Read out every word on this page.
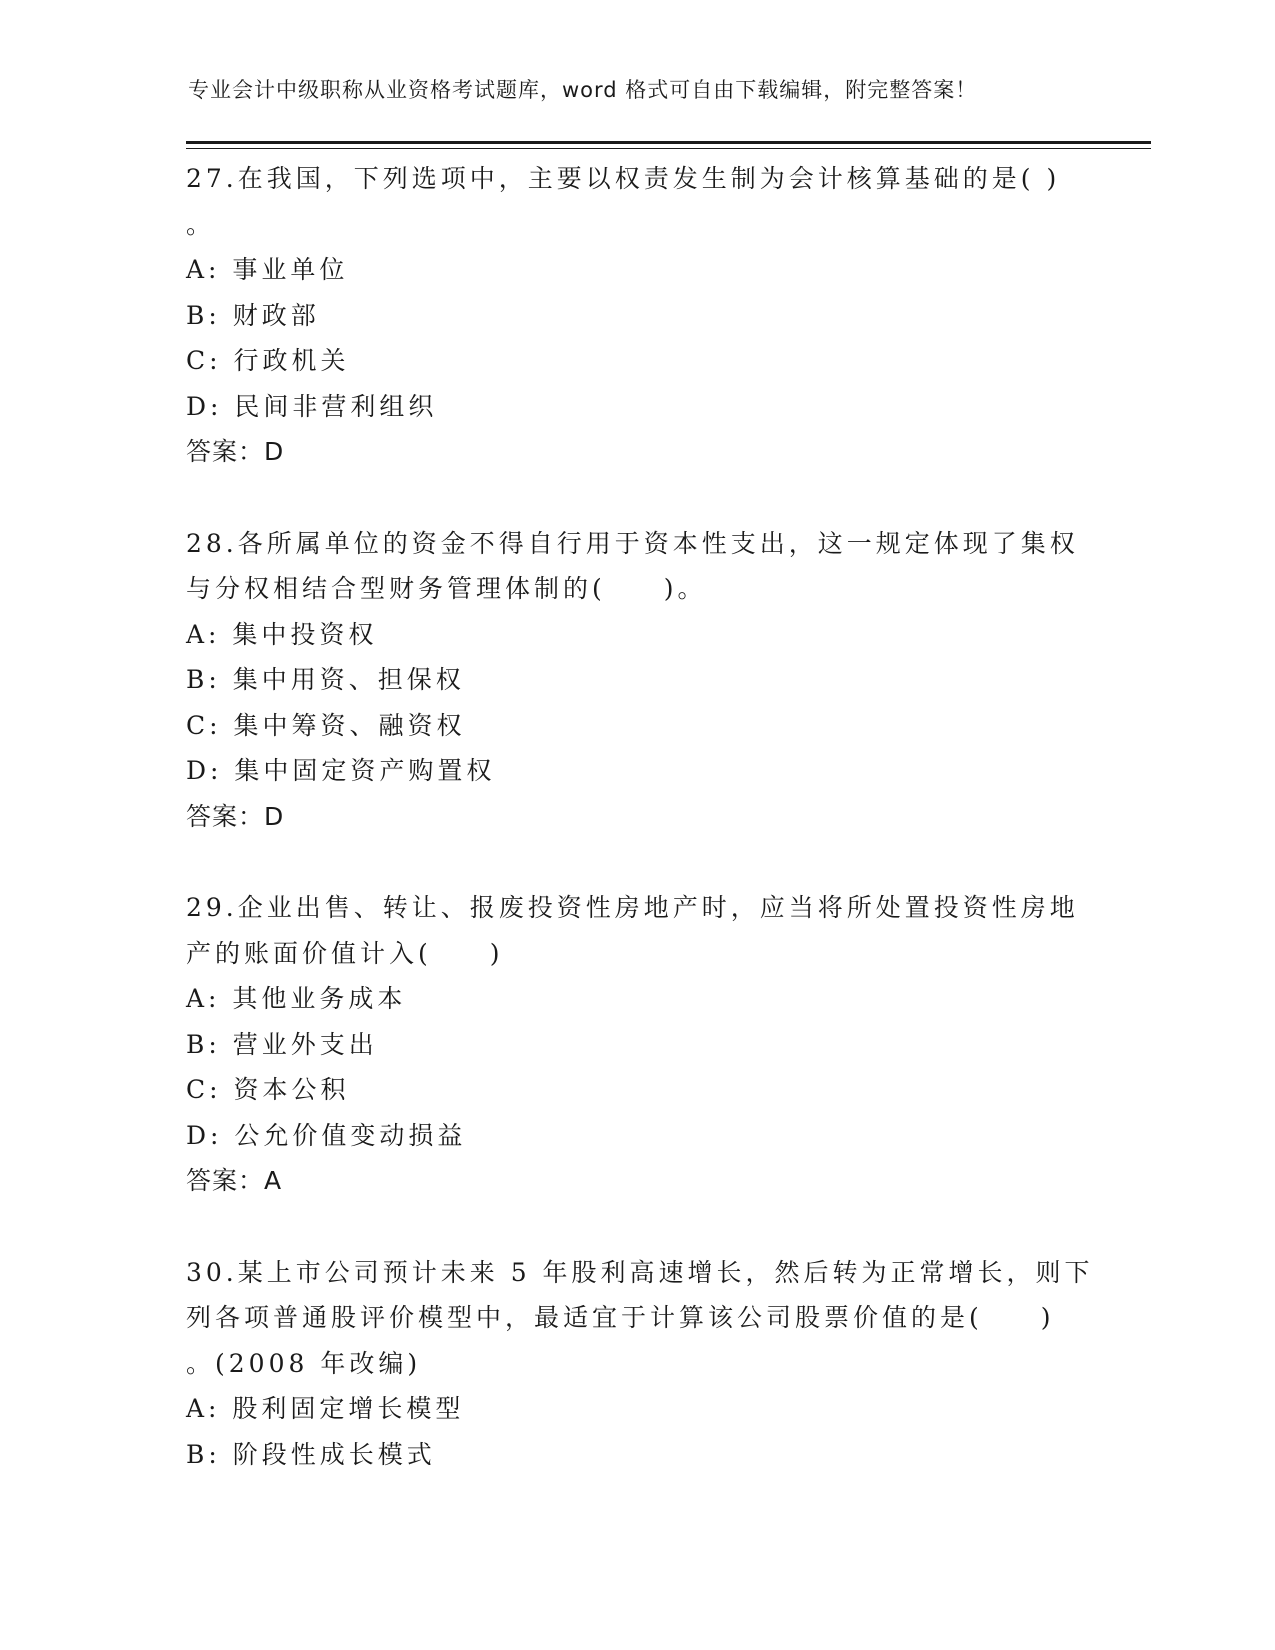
专业会计中级职称从业资格考试题库，word 格式可自由下载编辑，附完整答案！
27.在我国，下列选项中，主要以权责发生制为会计核算基础的是( )
。
A: 事业单位
B: 财政部
C: 行政机关
D: 民间非营利组织
答案：D
28.各所属单位的资金不得自行用于资本性支出，这一规定体现了集权
与分权相结合型财务管理体制的(　　)。
A: 集中投资权
B: 集中用资、担保权
C: 集中筹资、融资权
D: 集中固定资产购置权
答案：D
29.企业出售、转让、报废投资性房地产时，应当将所处置投资性房地
产的账面价值计入(　　)
A: 其他业务成本
B: 营业外支出
C: 资本公积
D: 公允价值变动损益
答案：A
30.某上市公司预计未来 5 年股利高速增长，然后转为正常增长，则下
列各项普通股评价模型中，最适宜于计算该公司股票价值的是(　　)
。(2008 年改编)
A: 股利固定增长模型
B: 阶段性成长模式
